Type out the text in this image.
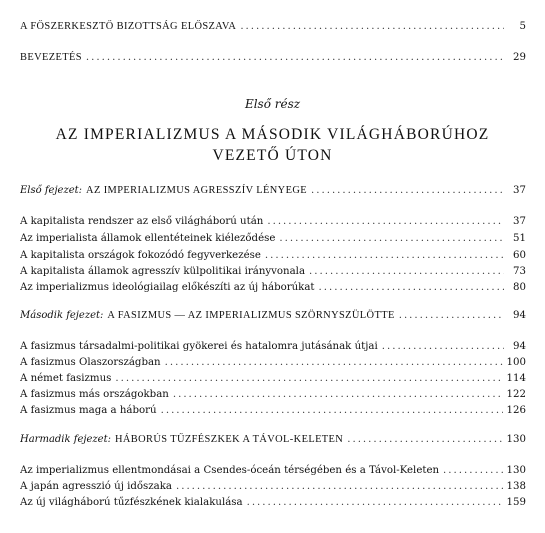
A FŐSZERKESZTŐ BIZOTTSÁG ELŐSZAVA .....	5
BEVEZETÉS .....	29
Első rész
AZ IMPERIALIZMUS A MÁSODIK VILÁGHÁBORÚHOZ
VEZETŐ ÚTON
Első fejezet: AZ IMPERIALIZMUS AGRESSZÍV LÉNYEGE .....	37
A kapitalista rendszer az első világháború után .....	37
Az imperialista államok ellentéteinek kiéleződése .....	51
A kapitalista országok fokozódó fegyverkezése .....	60
A kapitalista államok agresszív külpolitikai irányvonala .....	73
Az imperializmus ideológiailag előkészíti az új háborúkat .....	80
Második fejezet: A FASIZMUS — AZ IMPERIALIZMUS SZÖRNYSZÜLÖTTE .....	94
A fasizmus társadalmi-politikai gyökerei és hatalomra jutásának útjai .....	94
A fasizmus Olaszországban .....	100
A német fasizmus .....	114
A fasizmus más országokban .....	122
A fasizmus maga a háború .....	126
Harmadik fejezet: HÁBORÚS TŰZFÉSZKEK A TÁVOL-KELETEN .....	130
Az imperializmus ellentmondásai a Csendes-óceán térségében és a Távol-Keleten .....	130
A japán agresszió új időszaka .....	138
Az új világháború tűzfészkének kialakulása .....	159
